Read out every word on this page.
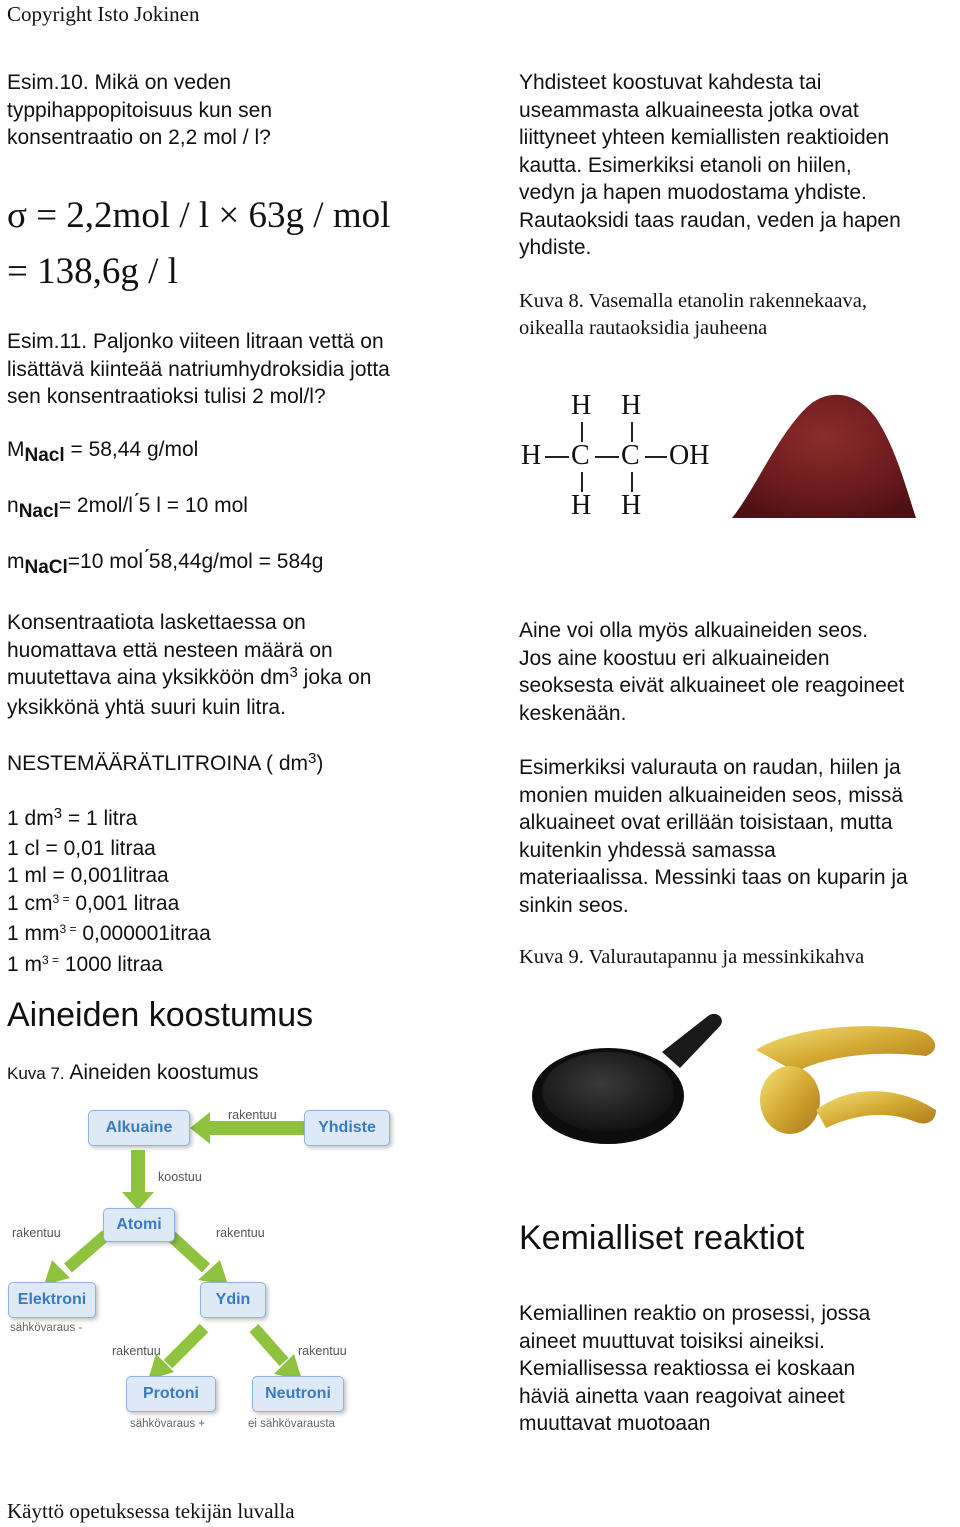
Copyright Isto Jokinen
Esim.10. Mikä on veden
typpihappopitoisuus kun sen
konsentraatio on 2,2 mol / l?
σ = 2,2mol / l × 63g / mol
= 138,6g / l
Esim.11. Paljonko viiteen litraan vettä on
lisättävä kiinteää natriumhydroksidia jotta
sen konsentraatioksi tulisi 2 mol/l?
MNacl = 58,44 g/mol
nNacl= 2mol/l ́5 l = 10 mol
mNaCl=10 mol ́58,44g/mol = 584g
Konsentraatiota laskettaessa on
huomattava että nesteen määrä on
muutettava aina yksikköön $dm^3$ joka on
yksikkönä yhtä suuri kuin litra.
NESTEMÄÄRÄTLITROINA ( $dm^3$)
1 $dm^3 = 1$ litra
1 cl = 0,01 litraa
1 ml = 0,001litraa
1 $cm^{3 =}$ 0,001 litraa
1 $mm^{3 =}$ 0,000001itraa
1 $m^{3 =}$ 1000 litraa
Aineiden koostumus
Kuva 7. Aineiden koostumus
Alkuaine	Yhdiste
rakentuu
koostuu
Atomi
rakentuu	rakentuu
Elektroni
sähkövaraus -
Ydin
rakentuu	rakentuu
Protoni
sähkövaraus +
Neutroni
ei sähkövarausta
Yhdisteet koostuvat kahdesta tai
useammasta alkuaineesta jotka ovat
liittyneet yhteen kemiallisten reaktioiden
kautta. Esimerkiksi etanoli on hiilen,
vedyn ja hapen muodostama yhdiste.
Rautaoksidi taas raudan, veden ja hapen
yhdiste.
Kuva 8. Vasemalla etanolin rakennekaava,
oikealla rautaoksidia jauheena
H H
H C C OH
H H
Aine voi olla myös alkuaineiden seos.
Jos aine koostuu eri alkuaineiden
seoksesta eivät alkuaineet ole reagoineet
keskenään.
Esimerkiksi valurauta on raudan, hiilen ja
monien muiden alkuaineiden seos, missä
alkuaineet ovat erillään toisistaan, mutta
kuitenkin yhdessä samassa
materiaalissa. Messinki taas on kuparin ja
sinkin seos.
Kuva 9. Valurautapannu ja messinkikahva
Kemialliset reaktiot
Kemiallinen reaktio on prosessi, jossa
aineet muuttuvat toisiksi aineiksi.
Kemiallisessa reaktiossa ei koskaan
häviä ainetta vaan reagoivat aineet
muuttavat muotoaan
Käyttö opetuksessa tekijän luvalla
